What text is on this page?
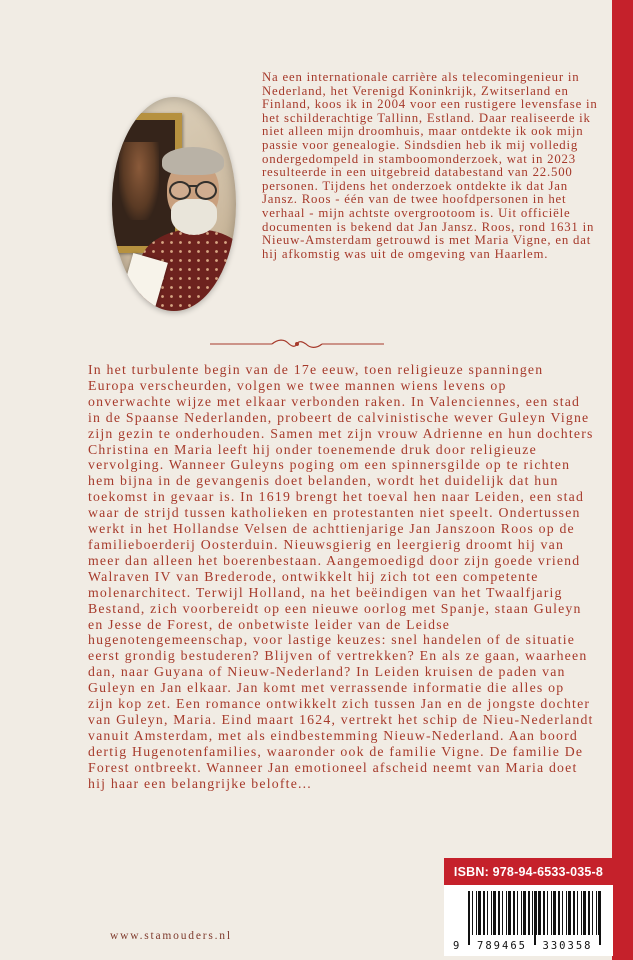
Na een internationale carrière als telecomingenieur in Nederland, het Verenigd Koninkrijk, Zwitserland en Finland, koos ik in 2004 voor een rustigere levensfase in het schilderachtige Tallinn, Estland. Daar realiseerde ik niet alleen mijn droomhuis, maar ontdekte ik ook mijn passie voor genealogie. Sindsdien heb ik mij volledig ondergedompeld in stamboomonderzoek, wat in 2023 resulteerde in een uitgebreid databestand van 22.500 personen. Tijdens het onderzoek ontdekte ik dat Jan Jansz. Roos - één van de twee hoofdpersonen in het verhaal - mijn achtste overgrootoom is. Uit officiële documenten is bekend dat Jan Jansz. Roos, rond 1631 in Nieuw-Amsterdam getrouwd is met Maria Vigne, en dat hij afkomstig was uit de omgeving van Haarlem.

In het turbulente begin van de 17e eeuw, toen religieuze spanningen Europa verscheurden, volgen we twee mannen wiens levens op onverwachte wijze met elkaar verbonden raken. In Valenciennes, een stad in de Spaanse Nederlanden, probeert de calvinistische wever Guleyn Vigne zijn gezin te onderhouden. Samen met zijn vrouw Adrienne en hun dochters Christina en Maria leeft hij onder toenemende druk door religieuze vervolging. Wanneer Guleyns poging om een spinnersgilde op te richten hem bijna in de gevangenis doet belanden, wordt het duidelijk dat hun toekomst in gevaar is. In 1619 brengt het toeval hen naar Leiden, een stad waar de strijd tussen katholieken en protestanten niet speelt. Ondertussen werkt in het Hollandse Velsen de achttienjarige Jan Janszoon Roos op de familieboerderij Oosterduin. Nieuwsgierig en leergierig droomt hij van meer dan alleen het boerenbestaan. Aangemoedigd door zijn goede vriend Walraven IV van Brederode, ontwikkelt hij zich tot een competente molenarchitect. Terwijl Holland, na het beëindigen van het Twaalfjarig Bestand, zich voorbereidt op een nieuwe oorlog met Spanje, staan Guleyn en Jesse de Forest, de onbetwiste leider van de Leidse hugenotengemeenschap, voor lastige keuzes: snel handelen of de situatie eerst grondig bestuderen? Blijven of vertrekken? En als ze gaan, waarheen dan, naar Guyana of Nieuw-Nederland? In Leiden kruisen de paden van Guleyn en Jan elkaar. Jan komt met verrassende informatie die alles op zijn kop zet. Een romance ontwikkelt zich tussen Jan en de jongste dochter van Guleyn, Maria. Eind maart 1624, vertrekt het schip de Nieu-Nederlandt vanuit Amsterdam, met als eindbestemming Nieuw-Nederland. Aan boord dertig Hugenotenfamilies, waaronder ook de familie Vigne. De familie De Forest ontbreekt. Wanneer Jan emotioneel afscheid neemt van Maria doet hij haar een belangrijke belofte...

www.stamouders.nl
ISBN: 978-94-6533-035-8
9	789465	330358
